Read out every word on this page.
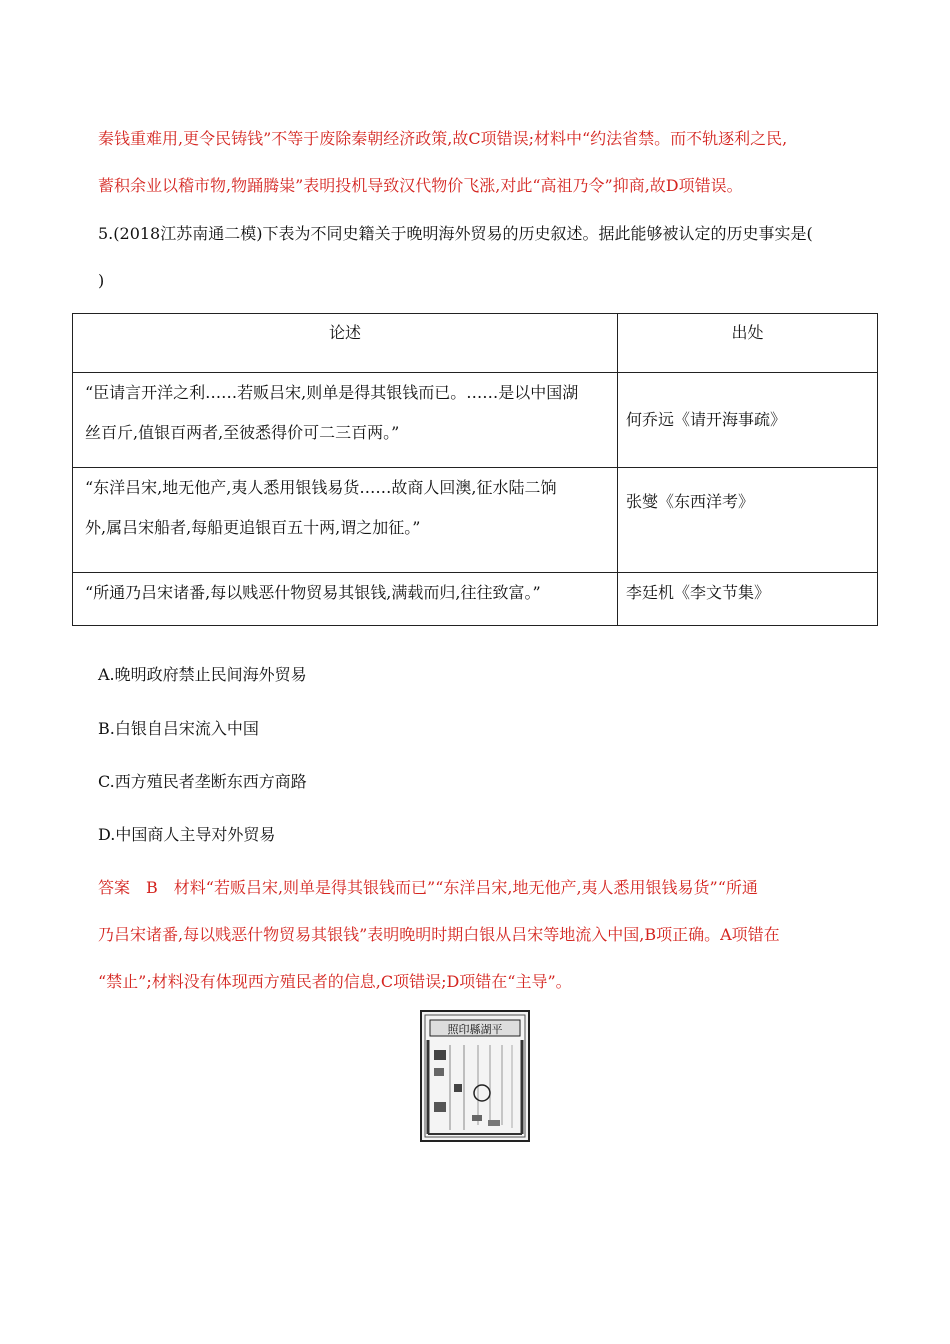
秦钱重难用,更令民铸钱”不等于废除秦朝经济政策,故C项错误;材料中“约法省禁。而不轨逐利之民,
蓄积余业以稽市物,物踊腾粜”表明投机导致汉代物价飞涨,对此“高祖乃令”抑商,故D项错误。
5.(2018江苏南通二模)下表为不同史籍关于晚明海外贸易的历史叙述。据此能够被认定的历史事实是(
)
论述	出处

“臣请言开洋之利……若贩吕宋,则单是得其银钱而已。……是以中国湖
丝百斤,值银百两者,至彼悉得价可二三百两。”	何乔远《请开海事疏》

“东洋吕宋,地无他产,夷人悉用银钱易货……故商人回澳,征水陆二饷
外,属吕宋船者,每船更追银百五十两,谓之加征。”	张燮《东西洋考》

“所通乃吕宋诸番,每以贱恶什物贸易其银钱,满载而归,往往致富。”	李廷机《李文节集》
A.晚明政府禁止民间海外贸易
B.白银自吕宋流入中国
C.西方殖民者垄断东西方商路
D.中国商人主导对外贸易
答案　B　材料“若贩吕宋,则单是得其银钱而已”“东洋吕宋,地无他产,夷人悉用银钱易货”“所通
乃吕宋诸番,每以贱恶什物贸易其银钱”表明晚明时期白银从吕宋等地流入中国,B项正确。A项错在
“禁止”;材料没有体现西方殖民者的信息,C项错误;D项错在“主导”。
照印縣湖平
